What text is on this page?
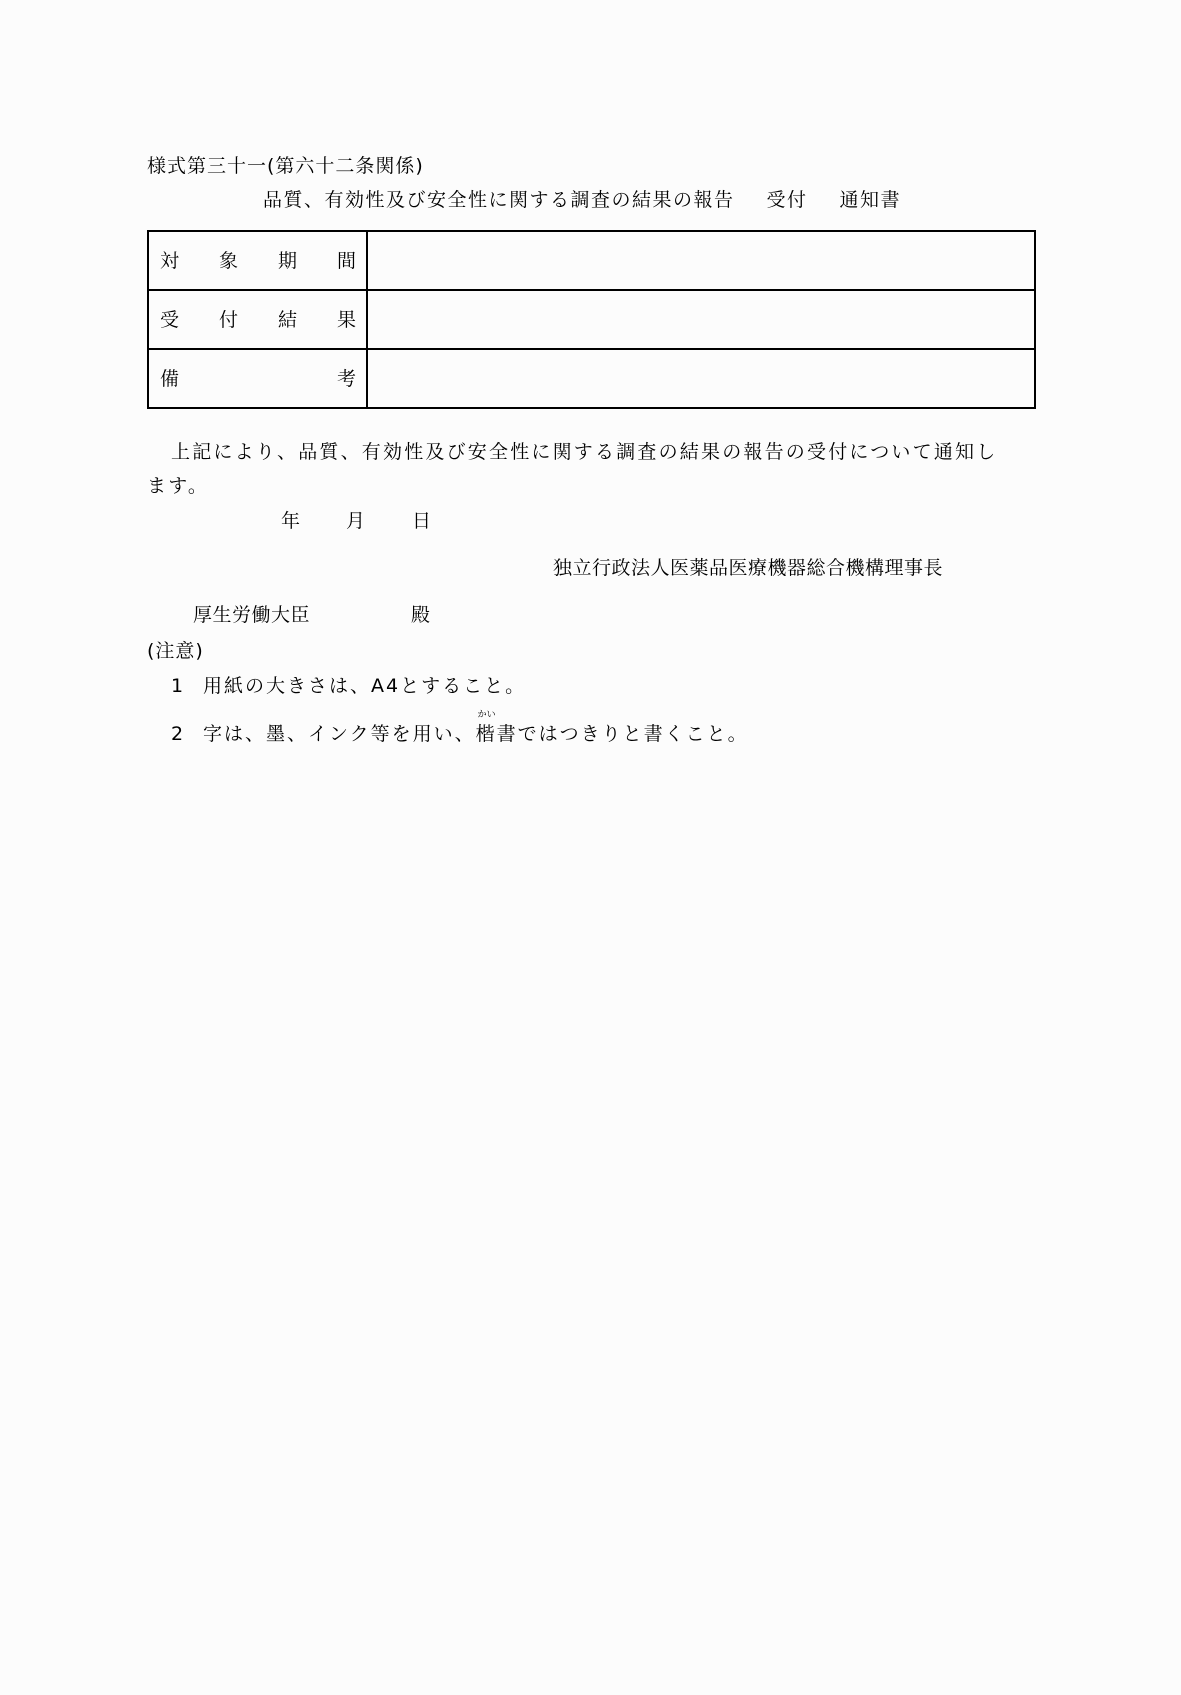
様式第三十一(第六十二条関係)
品質、有効性及び安全性に関する調査の結果の報告 受付 通知書
対 象 期 間	

受 付 結 果	

備 考	

上記により、品質、有効性及び安全性に関する調査の結果の報告の受付について通知し
ます。
年 月 日
独立行政法人医薬品医療機器総合機構理事長
厚生労働大臣	殿
(注意)
1 用紙の大きさは、A4とすること。
2 字は、墨、インク等を用い、
かい
楷書ではつきりと書くこと。
